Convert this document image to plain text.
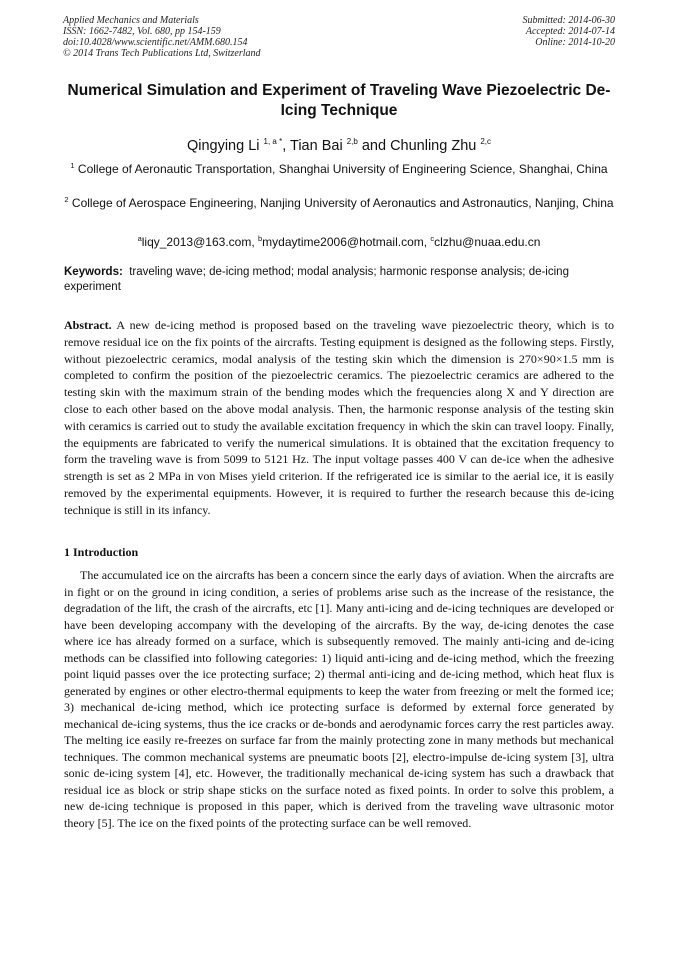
Applied Mechanics and Materials
ISSN: 1662-7482, Vol. 680, pp 154-159
doi:10.4028/www.scientific.net/AMM.680.154
© 2014 Trans Tech Publications Ltd, Switzerland
Submitted: 2014-06-30
Accepted: 2014-07-14
Online: 2014-10-20
Numerical Simulation and Experiment of Traveling Wave Piezoelectric De-Icing Technique
Qingying Li $^{1, a *}$, Tian Bai $^{2,b}$ and Chunling Zhu $^{2,c}$
$^1$ College of Aeronautic Transportation, Shanghai University of Engineering Science, Shanghai, China
$^2$ College of Aerospace Engineering, Nanjing University of Aeronautics and Astronautics, Nanjing, China
$^a$liqy_2013@163.com, $^b$mydaytime2006@hotmail.com, $^c$clzhu@nuaa.edu.cn
Keywords: traveling wave; de-icing method; modal analysis; harmonic response analysis; de-icing experiment
Abstract. A new de-icing method is proposed based on the traveling wave piezoelectric theory, which is to remove residual ice on the fix points of the aircrafts. Testing equipment is designed as the following steps. Firstly, without piezoelectric ceramics, modal analysis of the testing skin which the dimension is 270×90×1.5 mm is completed to confirm the position of the piezoelectric ceramics. The piezoelectric ceramics are adhered to the testing skin with the maximum strain of the bending modes which the frequencies along X and Y direction are close to each other based on the above modal analysis. Then, the harmonic response analysis of the testing skin with ceramics is carried out to study the available excitation frequency in which the skin can travel loopy. Finally, the equipments are fabricated to verify the numerical simulations. It is obtained that the excitation frequency to form the traveling wave is from 5099 to 5121 Hz. The input voltage passes 400 V can de-ice when the adhesive strength is set as 2 MPa in von Mises yield criterion. If the refrigerated ice is similar to the aerial ice, it is easily removed by the experimental equipments. However, it is required to further the research because this de-icing technique is still in its infancy.
1 Introduction

The accumulated ice on the aircrafts has been a concern since the early days of aviation. When the aircrafts are in fight or on the ground in icing condition, a series of problems arise such as the increase of the resistance, the degradation of the lift, the crash of the aircrafts, etc [1]. Many anti-icing and de-icing techniques are developed or have been developing accompany with the developing of the aircrafts. By the way, de-icing denotes the case where ice has already formed on a surface, which is subsequently removed. The mainly anti-icing and de-icing methods can be classified into following categories: 1) liquid anti-icing and de-icing method, which the freezing point liquid passes over the ice protecting surface; 2) thermal anti-icing and de-icing method, which heat flux is generated by engines or other electro-thermal equipments to keep the water from freezing or melt the formed ice; 3) mechanical de-icing method, which ice protecting surface is deformed by external force generated by mechanical de-icing systems, thus the ice cracks or de-bonds and aerodynamic forces carry the rest particles away. The melting ice easily re-freezes on surface far from the mainly protecting zone in many methods but mechanical techniques. The common mechanical systems are pneumatic boots [2], electro-impulse de-icing system [3], ultra sonic de-icing system [4], etc. However, the traditionally mechanical de-icing system has such a drawback that residual ice as block or strip shape sticks on the surface noted as fixed points. In order to solve this problem, a new de-icing technique is proposed in this paper, which is derived from the traveling wave ultrasonic motor theory [5]. The ice on the fixed points of the protecting surface can be well removed.
